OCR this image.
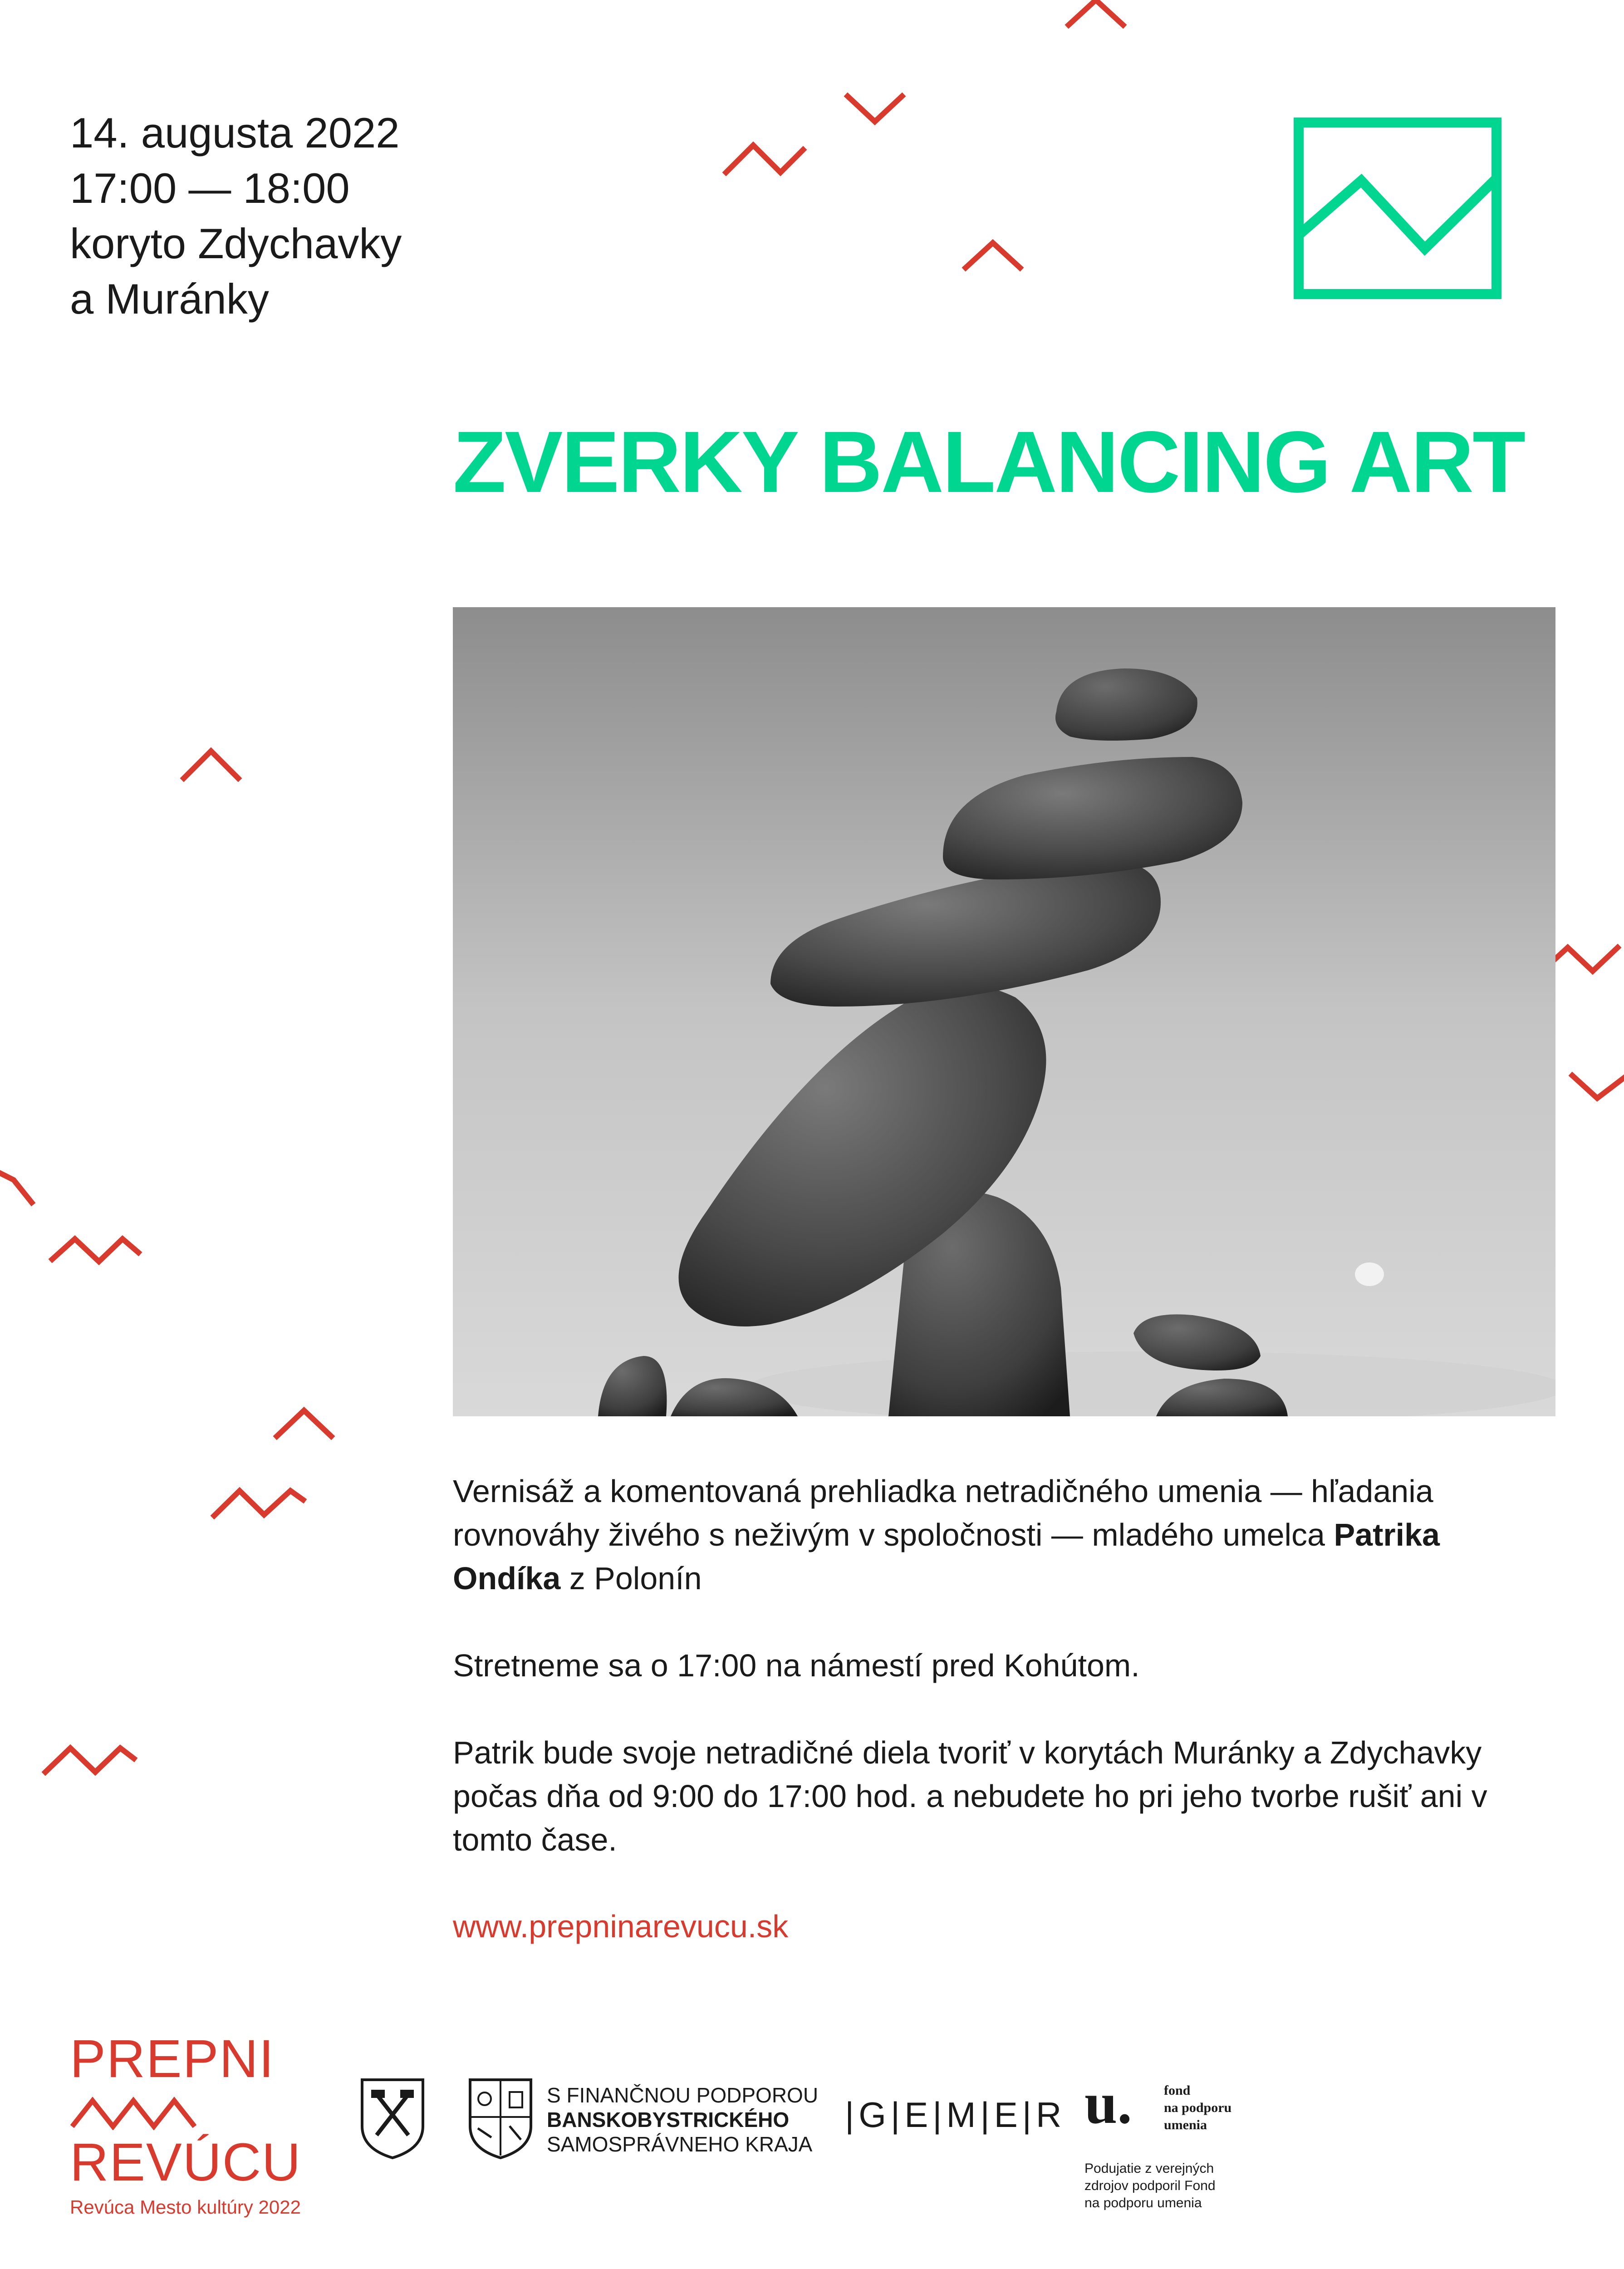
14. augusta 2022
17:00 — 18:00
koryto Zdychavky
a Muránky
ZVERKY BALANCING ART

Vernisáž a komentovaná prehliadka netradičného umenia — hľadania rovnováhy živého s neživým v spoločnosti — mladého umelca Patrika Ondíka z Polonín

Stretneme sa o 17:00 na námestí pred Kohútom.

Patrik bude svoje netradičné diela tvoriť v korytách Muránky a Zdychavky počas dňa od 9:00 do 17:00 hod. a nebudete ho pri jeho tvorbe rušiť ani v tomto čase.

www.prepninarevucu.sk
PREPNI
REVÚCU
Revúca Mesto kultúry 2022
S FINANČNOU PODPOROU
BANSKOBYSTRICKÉHO
SAMOSPRÁVNEHO KRAJA
|G|E|M|E|R u. fond
na podporu
umenia
Podujatie z verejných
zdrojov podporil Fond
na podporu umenia
